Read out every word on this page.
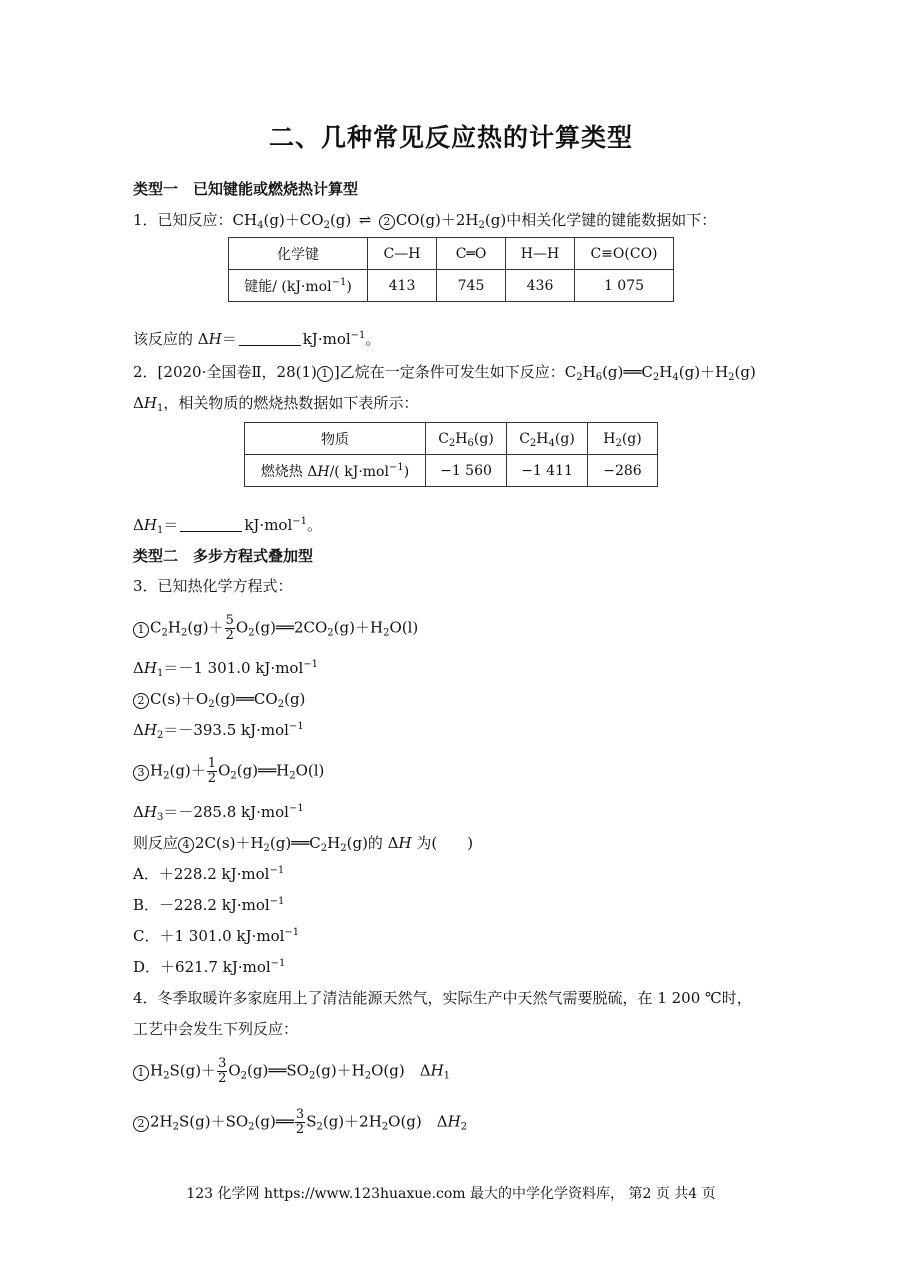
二、几种常见反应热的计算类型
类型一　已知键能或燃烧热计算型
1．已知反应：$CH_4(g)+CO_2(g)$ ⇌ 2 $CO(g)+2H_2(g)$中相关化学键的键能数据如下：
化学键	C—H	C═O	H—H	C≡O(CO)
键能/ (kJ·mol$^{-1}$)	413	745	436	1 075
该反应的 ΔH＝	kJ·mol$^{-1}$。
2．[2020·全国卷Ⅱ，28(1) 1 ]乙烷在一定条件可发生如下反应：$C_2H_6(g)══C_2H_4(g)+H_2(g)$
$\Delta H_1$，相关物质的燃烧热数据如下表所示：
物质	$C_2H_6(g)$	$C_2H_4(g)$	$H_2(g)$
燃烧热 ΔH/( kJ·mol$^{-1}$)	−1 560	−1 411	−286
$\Delta H_1=$	kJ·mol$^{-1}$。
类型二　多步方程式叠加型
3．已知热化学方程式：
1 $C_2H_2(g)+ \frac{5}{2}$ $O_2(g)══2CO_2(g)+H_2O(l)$
$\Delta H_1=-1$ 301.0 kJ·mol$^{-1}$
2 $C(s)+O_2(g)══CO_2(g)$
$\Delta H_2=-393.5$ kJ·mol$^{-1}$
3 $H_2(g)+ \frac{1}{2}$ $O_2(g)══H_2O(l)$
$\Delta H_3=-285.8$ kJ·mol$^{-1}$
则反应 4 $2C(s)+H_2(g)══C_2H_2(g)$的 ΔH 为(　　)
A．＋228.2 kJ·mol$^{-1}$
B．－228.2 kJ·mol$^{-1}$
C．＋1 301.0 kJ·mol$^{-1}$
D．＋621.7 kJ·mol$^{-1}$
4．冬季取暖许多家庭用上了清洁能源天然气，实际生产中天然气需要脱硫，在 1 200 ℃时，
工艺中会发生下列反应：
1 $H_2S(g)+ \frac{3}{2}$ $O_2(g)══SO_2(g)+H_2O(g)$　$\Delta H_1$
2 $2H_2S(g)+SO_2(g)══ \frac{3}{2} S_2(g)+2H_2O(g)$　$\Delta H_2$
123 化学网 https://www.123huaxue.com 最大的中学化学资料库， 第2 页 共4 页
